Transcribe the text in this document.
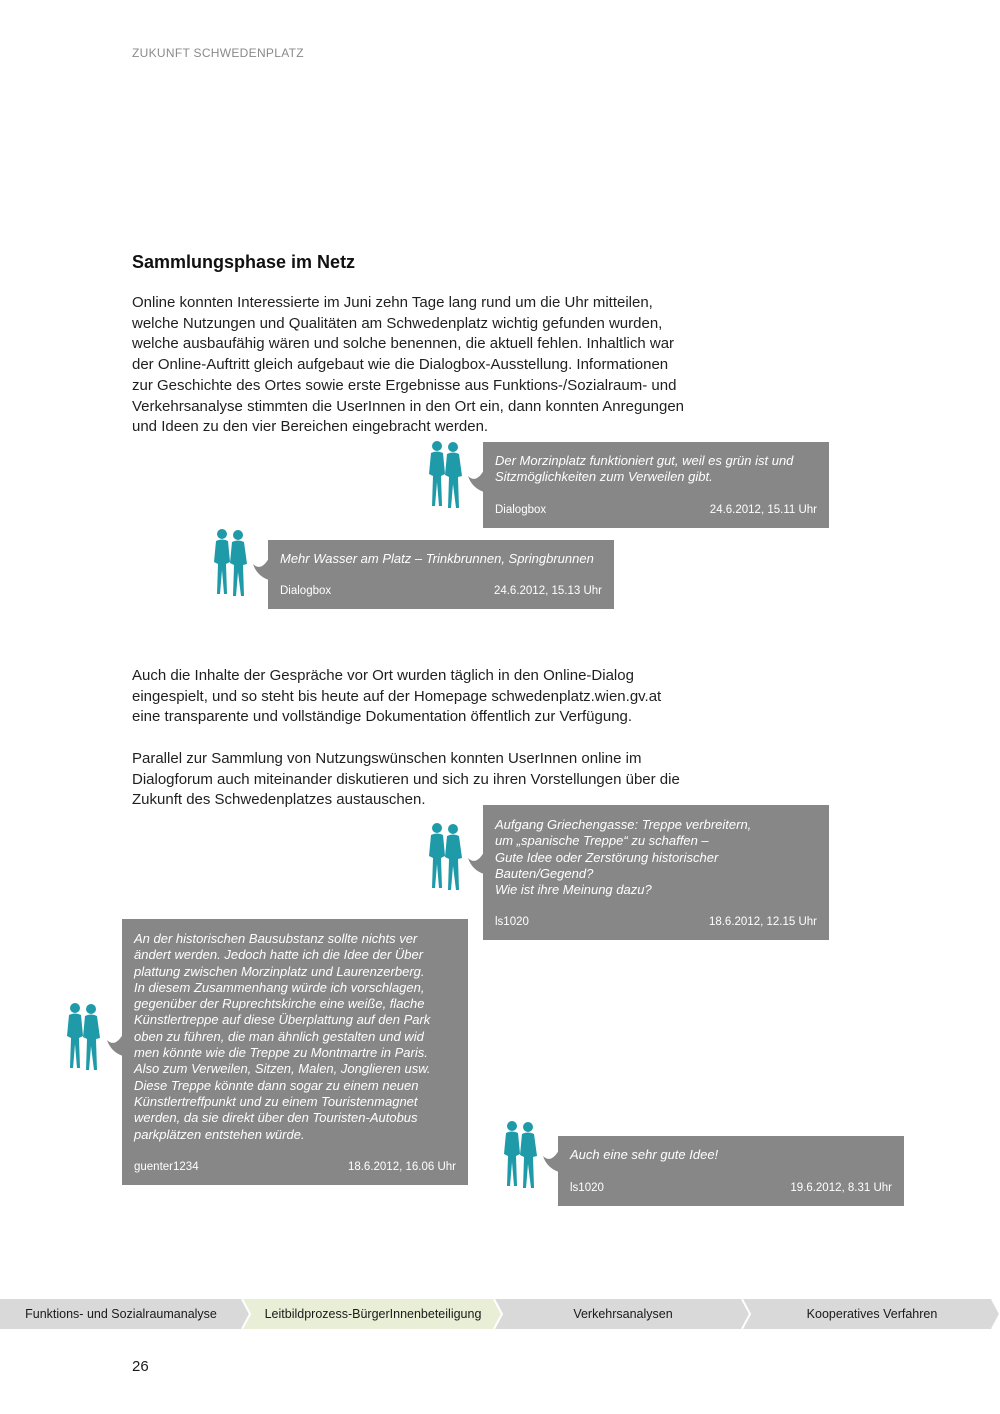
ZUKUNFT SCHWEDENPLATZ
Sammlungsphase im Netz

Online konnten Interessierte im Juni zehn Tage lang rund um die Uhr mitteilen, welche Nutzungen und Qualitäten am Schwedenplatz wichtig gefunden wurden, welche ausbaufähig wären und solche benennen, die aktuell fehlen. Inhaltlich war der Online-Auftritt gleich aufgebaut wie die Dialogbox-Ausstellung. Informationen zur Geschichte des Ortes sowie erste Ergebnisse aus Funktions-/Sozialraum- und Verkehrsanalyse stimmten die UserInnen in den Ort ein, dann konnten Anregungen und Ideen zu den vier Bereichen eingebracht werden.

Der Morzinplatz funktioniert gut, weil es grün ist und
Sitzmöglichkeiten zum Verweilen gibt.

Dialogbox	24.6.2012, 15.11 Uhr

Mehr Wasser am Platz – Trinkbrunnen, Springbrunnen

Dialogbox	24.6.2012, 15.13 Uhr

Auch die Inhalte der Gespräche vor Ort wurden täglich in den Online-Dialog eingespielt, und so steht bis heute auf der Homepage schwedenplatz.wien.gv.at eine transparente und vollständige Dokumentation öffentlich zur Verfügung.

Parallel zur Sammlung von Nutzungswünschen konnten UserInnen online im Dialogforum auch miteinander diskutieren und sich zu ihren Vorstellungen über die Zukunft des Schwedenplatzes austauschen.

Aufgang Griechengasse: Treppe verbreitern,
um „spanische Treppe“ zu schaffen –
Gute Idee oder Zerstörung historischer
Bauten/Gegend?
Wie ist ihre Meinung dazu?

ls1020	18.6.2012, 12.15 Uhr

An der historischen Bausubstanz sollte nichts ver
ändert werden. Jedoch hatte ich die Idee der Über
plattung zwischen Morzinplatz und Laurenzerberg.
In diesem Zusammenhang würde ich vorschlagen,
gegenüber der Ruprechtskirche eine weiße, flache
Künstlertreppe auf diese Überplattung auf den Park
oben zu führen, die man ähnlich gestalten und wid
men könnte wie die Treppe zu Montmartre in Paris.
Also zum Verweilen, Sitzen, Malen, Jonglieren usw.
Diese Treppe könnte dann sogar zu einem neuen
Künstlertreffpunkt und zu einem Touristenmagnet
werden, da sie direkt über den Touristen-Autobus
parkplätzen entstehen würde.

guenter1234	18.6.2012, 16.06 Uhr

Auch eine sehr gute Idee!

ls1020	19.6.2012, 8.31 Uhr
Funktions- und Sozialraumanalyse	Leitbildprozess-BürgerInnenbeteiligung	Verkehrsanalysen	Kooperatives Verfahren
26
